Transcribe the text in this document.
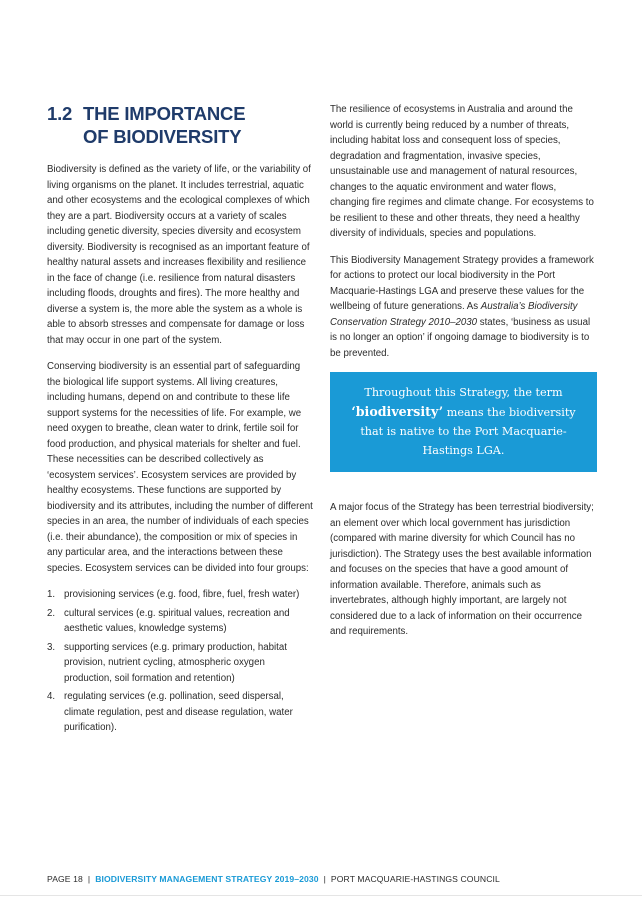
1.2 THE IMPORTANCE OF BIODIVERSITY

Biodiversity is defined as the variety of life, or the variability of living organisms on the planet. It includes terrestrial, aquatic and other ecosystems and the ecological complexes of which they are a part. Biodiversity occurs at a variety of scales including genetic diversity, species diversity and ecosystem diversity. Biodiversity is recognised as an important feature of healthy natural assets and increases flexibility and resilience in the face of change (i.e. resilience from natural disasters including floods, droughts and fires). The more healthy and diverse a system is, the more able the system as a whole is able to absorb stresses and compensate for damage or loss that may occur in one part of the system.

Conserving biodiversity is an essential part of safeguarding the biological life support systems. All living creatures, including humans, depend on and contribute to these life support systems for the necessities of life. For example, we need oxygen to breathe, clean water to drink, fertile soil for food production, and physical materials for shelter and fuel. These necessities can be described collectively as ‘ecosystem services’. Ecosystem services are provided by healthy ecosystems. These functions are supported by biodiversity and its attributes, including the number of different species in an area, the number of individuals of each species (i.e. their abundance), the composition or mix of species in any particular area, and the interactions between these species. Ecosystem services can be divided into four groups:

1. provisioning services (e.g. food, fibre, fuel, fresh water)
2. cultural services (e.g. spiritual values, recreation and aesthetic values, knowledge systems)
3. supporting services (e.g. primary production, habitat provision, nutrient cycling, atmospheric oxygen production, soil formation and retention)
4. regulating services (e.g. pollination, seed dispersal, climate regulation, pest and disease regulation, water purification).

The resilience of ecosystems in Australia and around the world is currently being reduced by a number of threats, including habitat loss and consequent loss of species, degradation and fragmentation, invasive species, unsustainable use and management of natural resources, changes to the aquatic environment and water flows, changing fire regimes and climate change. For ecosystems to be resilient to these and other threats, they need a healthy diversity of individuals, species and populations.

This Biodiversity Management Strategy provides a framework for actions to protect our local biodiversity in the Port Macquarie-Hastings LGA and preserve these values for the wellbeing of future generations. As Australia’s Biodiversity Conservation Strategy 2010–2030 states, ‘business as usual is no longer an option’ if ongoing damage to biodiversity is to be prevented.

Throughout this Strategy, the term ‘biodiversity’ means the biodiversity that is native to the Port Macquarie-Hastings LGA.

A major focus of the Strategy has been terrestrial biodiversity; an element over which local government has jurisdiction (compared with marine diversity for which Council has no jurisdiction). The Strategy uses the best available information and focuses on the species that have a good amount of information available. Therefore, animals such as invertebrates, although highly important, are largely not considered due to a lack of information on their occurrence and requirements.

PAGE 18 | BIODIVERSITY MANAGEMENT STRATEGY 2019–2030 | PORT MACQUARIE-HASTINGS COUNCIL
